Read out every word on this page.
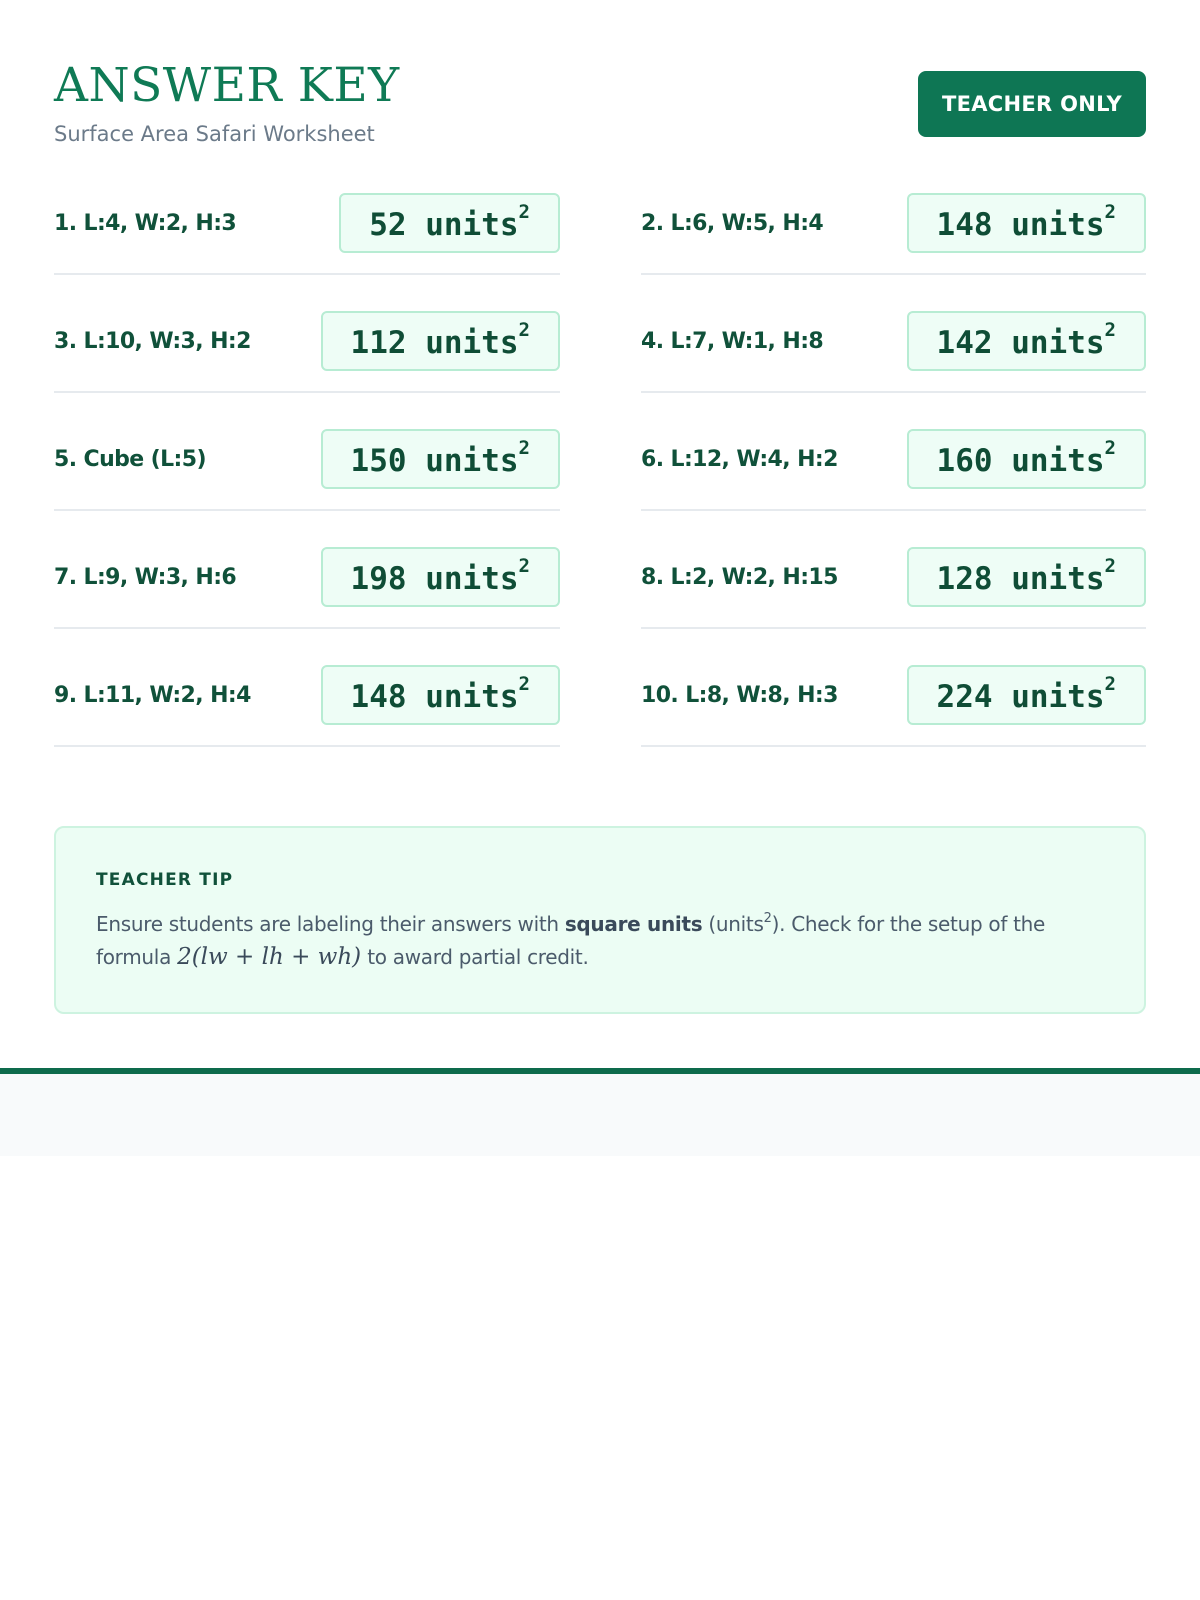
ANSWER KEY
Surface Area Safari Worksheet
TEACHER ONLY
1. L:4, W:2, H:3	52 units$^2$	2. L:6, W:5, H:4	148 units$^2$
3. L:10, W:3, H:2	112 units$^2$	4. L:7, W:1, H:8	142 units$^2$
5. Cube (L:5)	150 units$^2$	6. L:12, W:4, H:2	160 units$^2$
7. L:9, W:3, H:6	198 units$^2$	8. L:2, W:2, H:15	128 units$^2$
9. L:11, W:2, H:4	148 units$^2$	10. L:8, W:8, H:3	224 units$^2$
TEACHER TIP
Ensure students are labeling their answers with square units (units$^2$). Check for the setup of the formula 2(lw + lh + wh) to award partial credit.
